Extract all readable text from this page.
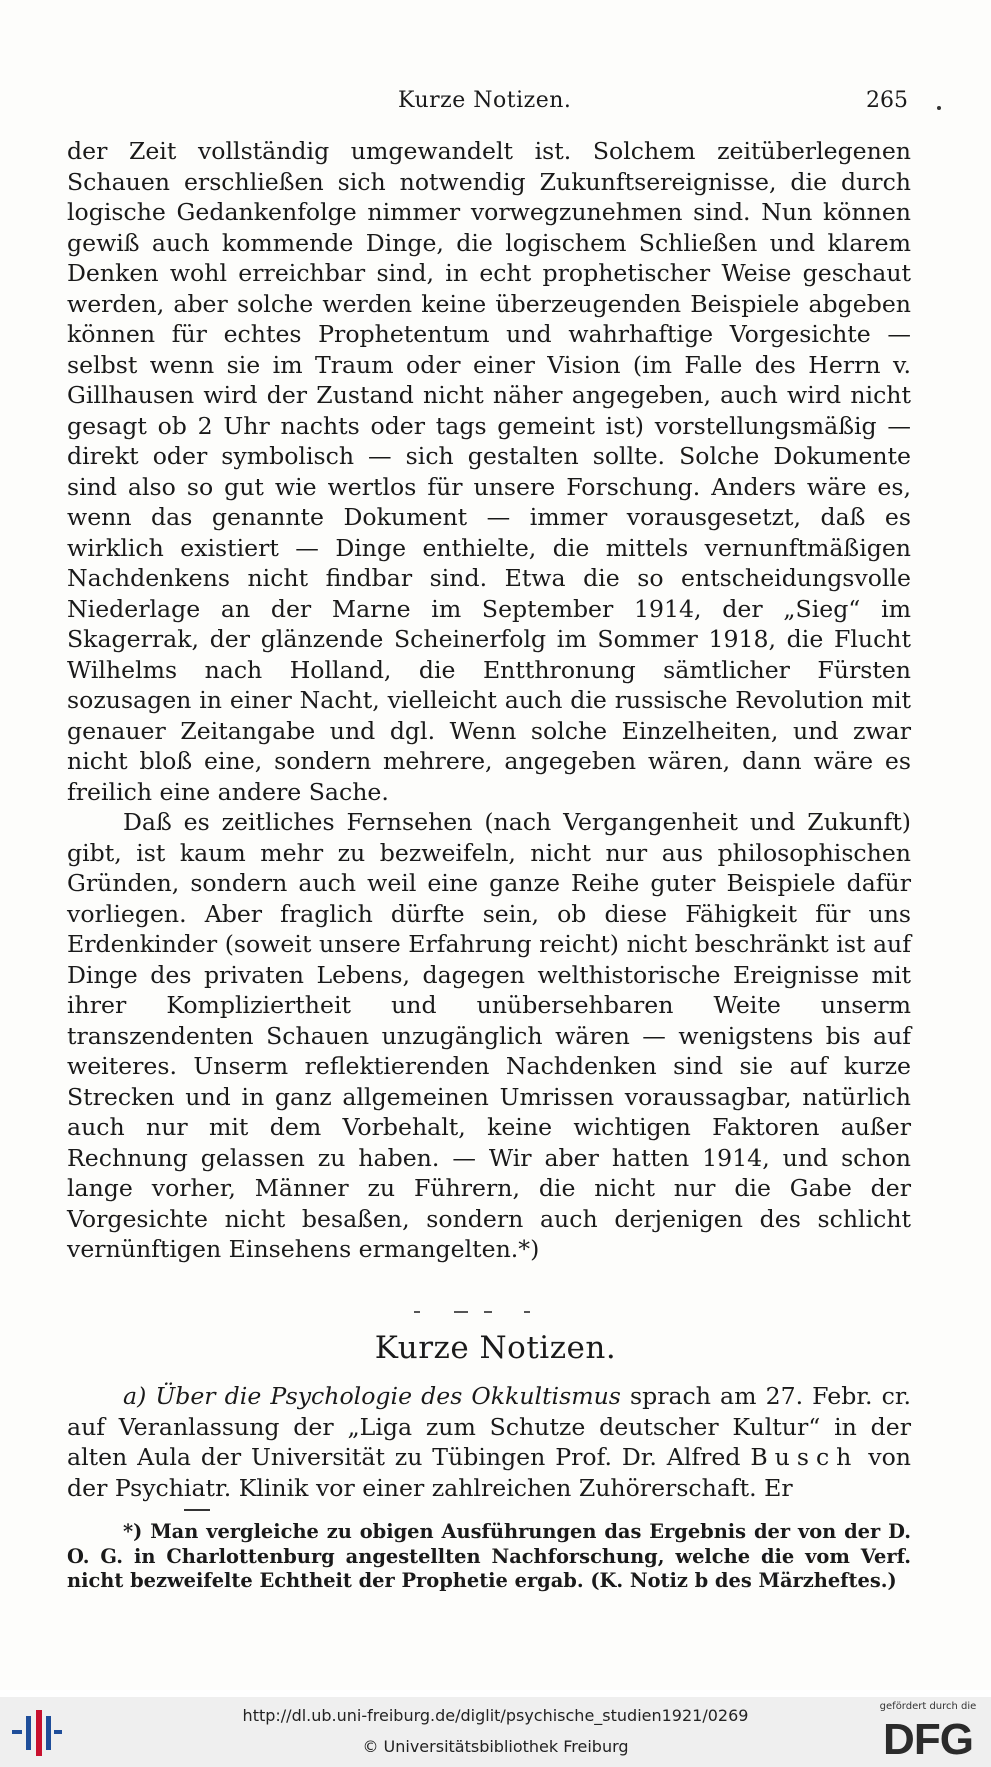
Kurze Notizen.	265

der Zeit vollständig umgewandelt ist. Solchem zeitüberlegenen Schauen erschließen sich notwendig Zukunftsereignisse, die durch logische Gedankenfolge nimmer vorwegzunehmen sind. Nun können gewiß auch kommende Dinge, die logischem Schließen und klarem Denken wohl erreichbar sind, in echt prophetischer Weise geschaut werden, aber solche werden keine überzeugenden Beispiele abgeben können für echtes Prophetentum und wahrhaftige Vorgesichte — selbst wenn sie im Traum oder einer Vision (im Falle des Herrn v. Gillhausen wird der Zustand nicht näher angegeben, auch wird nicht gesagt ob 2 Uhr nachts oder tags gemeint ist) vorstellungsmäßig — direkt oder symbolisch — sich gestalten sollte. Solche Dokumente sind also so gut wie wertlos für unsere Forschung. Anders wäre es, wenn das genannte Dokument — immer vorausgesetzt, daß es wirklich existiert — Dinge enthielte, die mittels vernunftmäßigen Nachdenkens nicht findbar sind. Etwa die so entscheidungsvolle Niederlage an der Marne im September 1914, der „Sieg“ im Skagerrak, der glänzende Scheinerfolg im Sommer 1918, die Flucht Wilhelms nach Holland, die Entthronung sämtlicher Fürsten sozusagen in einer Nacht, vielleicht auch die russische Revolution mit genauer Zeitangabe und dgl. Wenn solche Einzelheiten, und zwar nicht bloß eine, sondern mehrere, angegeben wären, dann wäre es freilich eine andere Sache.

Daß es zeitliches Fernsehen (nach Vergangenheit und Zukunft) gibt, ist kaum mehr zu bezweifeln, nicht nur aus philosophischen Gründen, sondern auch weil eine ganze Reihe guter Beispiele dafür vorliegen. Aber fraglich dürfte sein, ob diese Fähigkeit für uns Erdenkinder (soweit unsere Erfahrung reicht) nicht beschränkt ist auf Dinge des privaten Lebens, dagegen welthistorische Ereignisse mit ihrer Kompliziertheit und unübersehbaren Weite unserm transzendenten Schauen unzugänglich wären — wenigstens bis auf weiteres. Unserm reflektierenden Nachdenken sind sie auf kurze Strecken und in ganz allgemeinen Umrissen voraussagbar, natürlich auch nur mit dem Vorbehalt, keine wichtigen Faktoren außer Rechnung gelassen zu haben. — Wir aber hatten 1914, und schon lange vorher, Männer zu Führern, die nicht nur die Gabe der Vorgesichte nicht besaßen, sondern auch derjenigen des schlicht vernünftigen Einsehens ermangelten.*)

Kurze Notizen.

a) Über die Psychologie des Okkultismus sprach am 27. Febr. cr. auf Veranlassung der „Liga zum Schutze deutscher Kultur“ in der alten Aula der Universität zu Tübingen Prof. Dr. Alfred Busch von der Psychiatr. Klinik vor einer zahlreichen Zuhörerschaft. Er

*) Man vergleiche zu obigen Ausführungen das Ergebnis der von der D. O. G. in Charlottenburg angestellten Nachforschung, welche die vom Verf. nicht bezweifelte Echtheit der Prophetie ergab. (K. Notiz b des Märzheftes.)

http://dl.ub.uni-freiburg.de/diglit/psychische_studien1921/0269
© Universitätsbibliothek Freiburg
gefördert durch die
DFG
